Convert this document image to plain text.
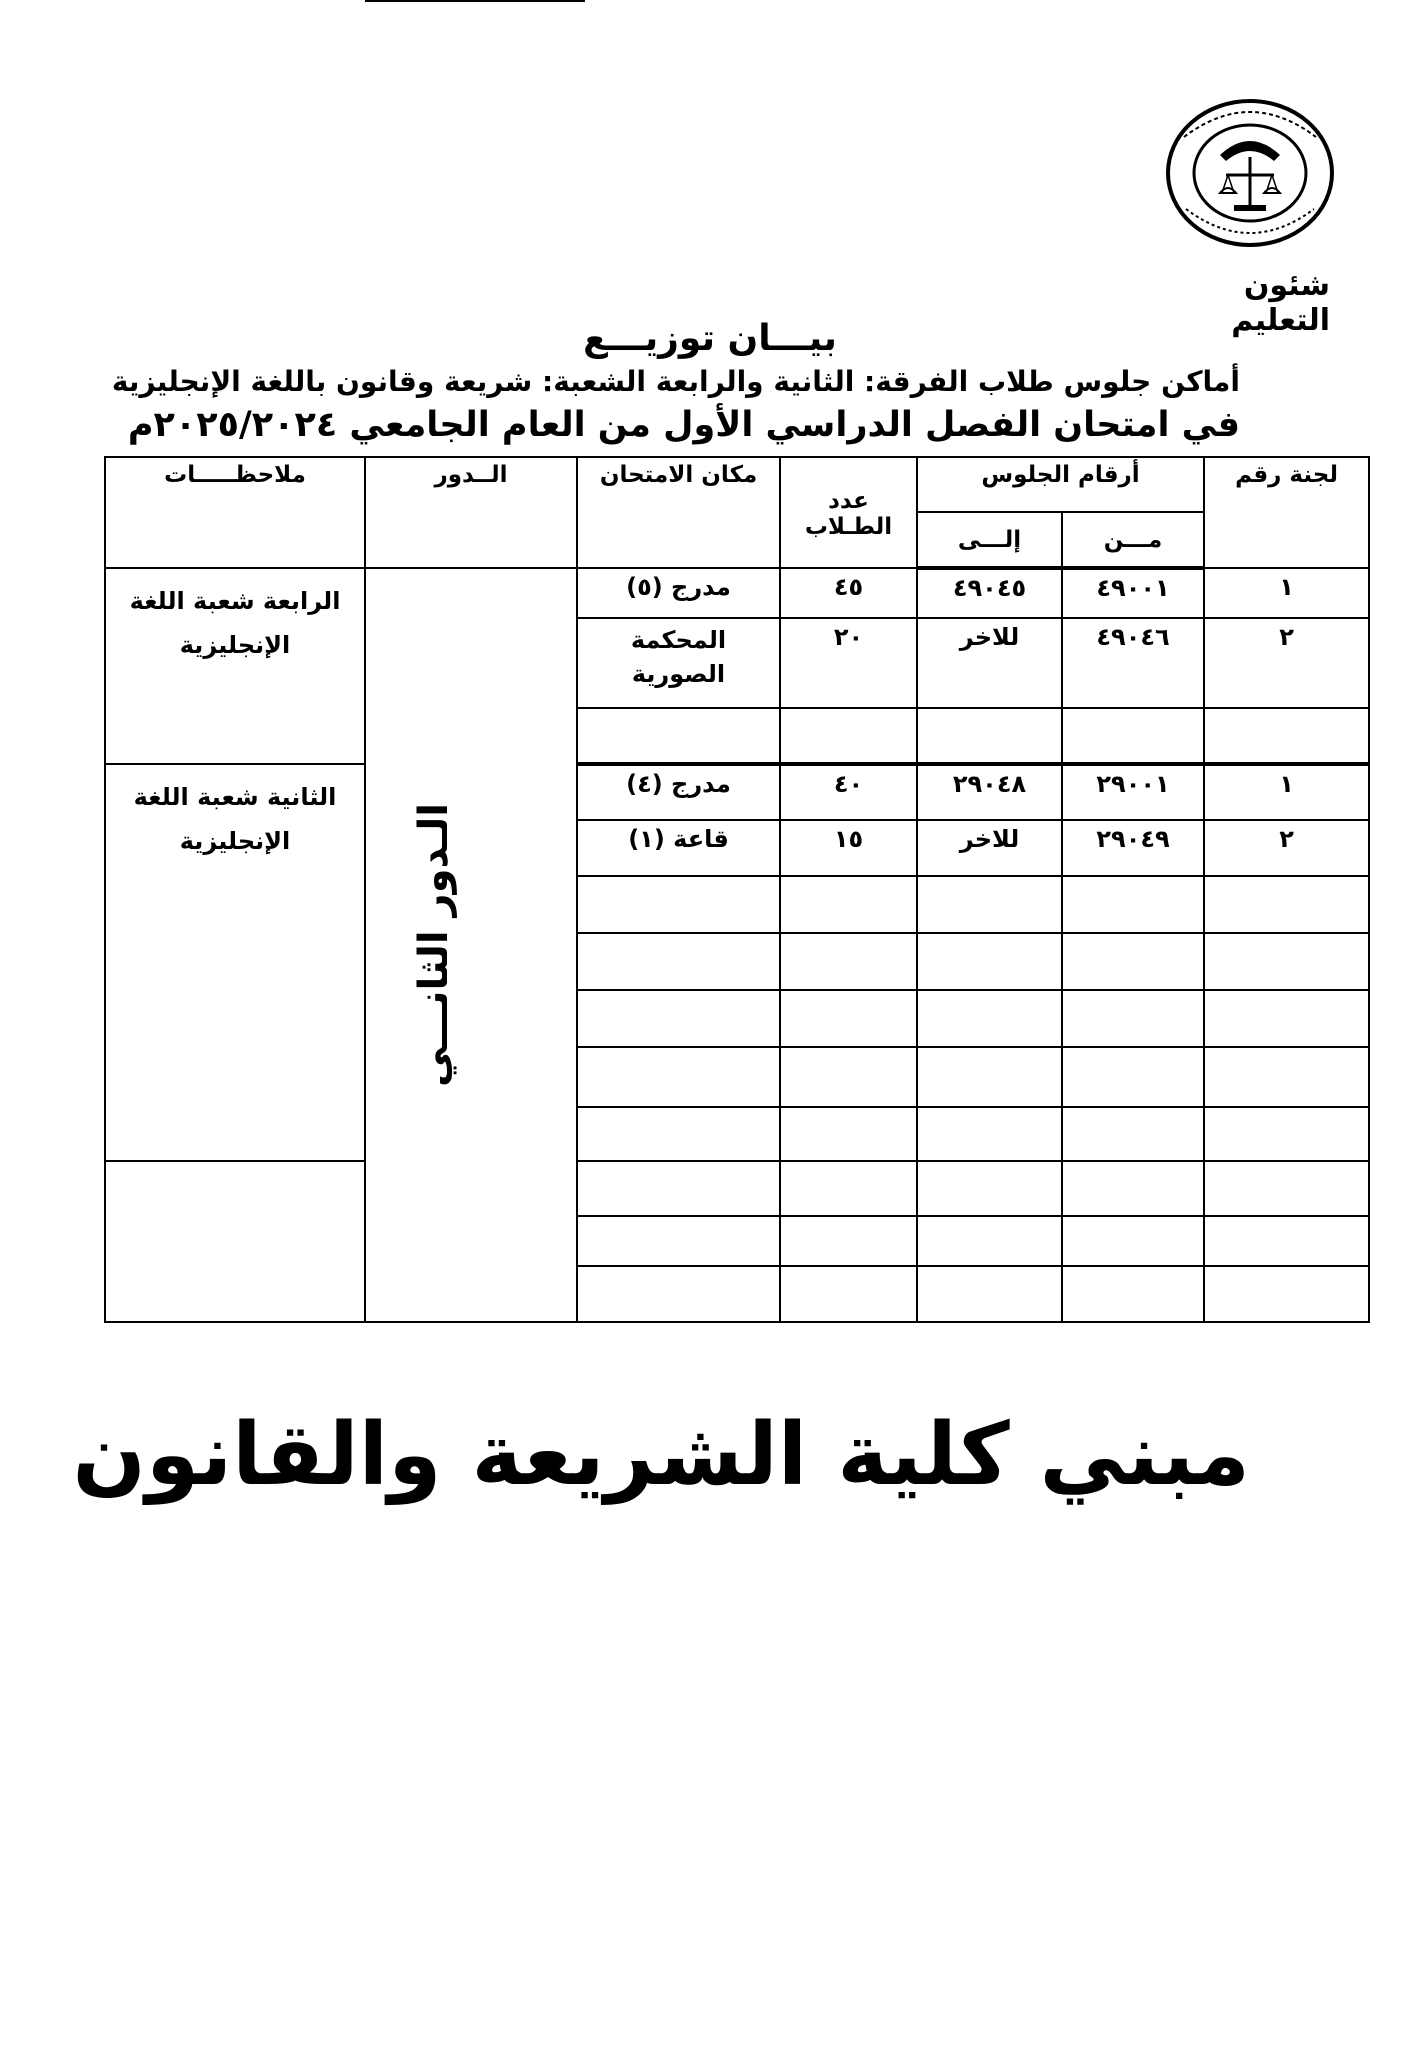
شئون التعليم
بيـــان توزيـــع
أماكن جلوس طلاب الفرقة: الثانية والرابعة الشعبة: شريعة وقانون باللغة الإنجليزية
في امتحان الفصل الدراسي الأول من العام الجامعي ٢٠٢٥/٢٠٢٤م
لجنة رقم	أرقام الجلوس		عدد الطـلاب	مكان الامتحان	الــدور	ملاحظـــــات
	مـــن	إلـــى				
١	٤٩٠٠١	٤٩٠٤٥	٤٥	مدرج (٥)	الـدور الثانـــي	الرابعة شعبة اللغة الإنجليزية
٢	٤٩٠٤٦	للاخر	٢٠	المحكمة الصورية		

١	٢٩٠٠١	٢٩٠٤٨	٤٠	مدرج (٤)		الثانية شعبة اللغة الإنجليزية
٢	٢٩٠٤٩	للاخر	١٥	قاعة (١)		

مبني كلية الشريعة والقانون
